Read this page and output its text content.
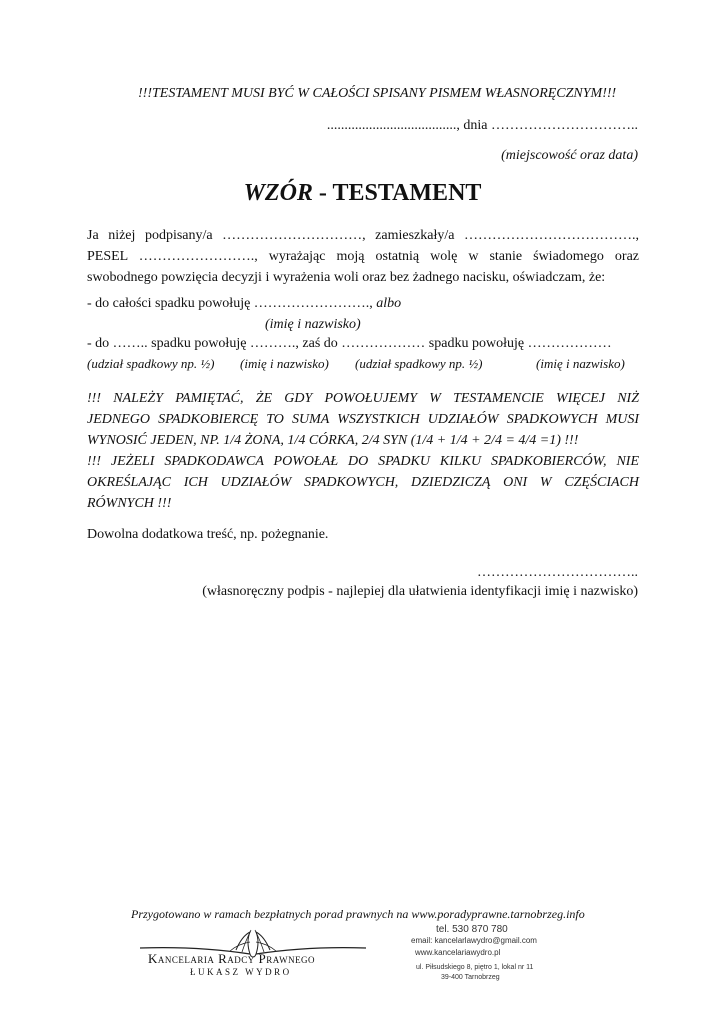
!!!TESTAMENT MUSI BYĆ W CAŁOŚCI SPISANY PISMEM WŁASNORĘCZNYM!!!
....................................., dnia …………………………..
(miejscowość oraz data)
WZÓR - TESTAMENT
Ja niżej podpisany/a …………………………, zamieszkały/a ……………………………….,
PESEL ……………………., wyrażając moją ostatnią wolę w stanie świadomego oraz
swobodnego powzięcia decyzji i wyrażenia woli oraz bez żadnego nacisku, oświadczam, że:
- do całości spadku powołuję ……………………., albo
(imię i nazwisko)
- do …….. spadku powołuję ………., zaś do ……………… spadku powołuję ………………
(udział spadkowy np. ½) (imię i nazwisko) (udział spadkowy np. ½)	(imię i nazwisko)
!!! NALEŻY PAMIĘTAĆ, ŻE GDY POWOŁUJEMY W TESTAMENCIE WIĘCEJ NIŻ
JEDNEGO SPADKOBIERCĘ TO SUMA WSZYSTKICH UDZIAŁÓW SPADKOWYCH MUSI
WYNOSIĆ JEDEN, NP. 1/4 ŻONA, 1/4 CÓRKA, 2/4 SYN (1/4 + 1/4 + 2/4 = 4/4 =1) !!!
!!! JEŻELI SPADKODAWCA POWOŁAŁ DO SPADKU KILKU SPADKOBIERCÓW, NIE
OKREŚLAJĄC ICH UDZIAŁÓW SPADKOWYCH, DZIEDZICZĄ ONI W CZĘŚCIACH
RÓWNYCH !!!
Dowolna dodatkowa treść, np. pożegnanie.
……………………………..
(własnoręczny podpis - najlepiej dla ułatwienia identyfikacji imię i nazwisko)
Przygotowano w ramach bezpłatnych porad prawnych na www.poradyprawne.tarnobrzeg.info
Kancelaria Radcy Prawnego
ŁUKASZ WYDRO
tel. 530 870 780
email: kancelarlawydro@gmail.com
www.kancelariawydro.pl
ul. Piłsudskiego 8, piętro 1, lokal nr 11
39-400 Tarnobrzeg
